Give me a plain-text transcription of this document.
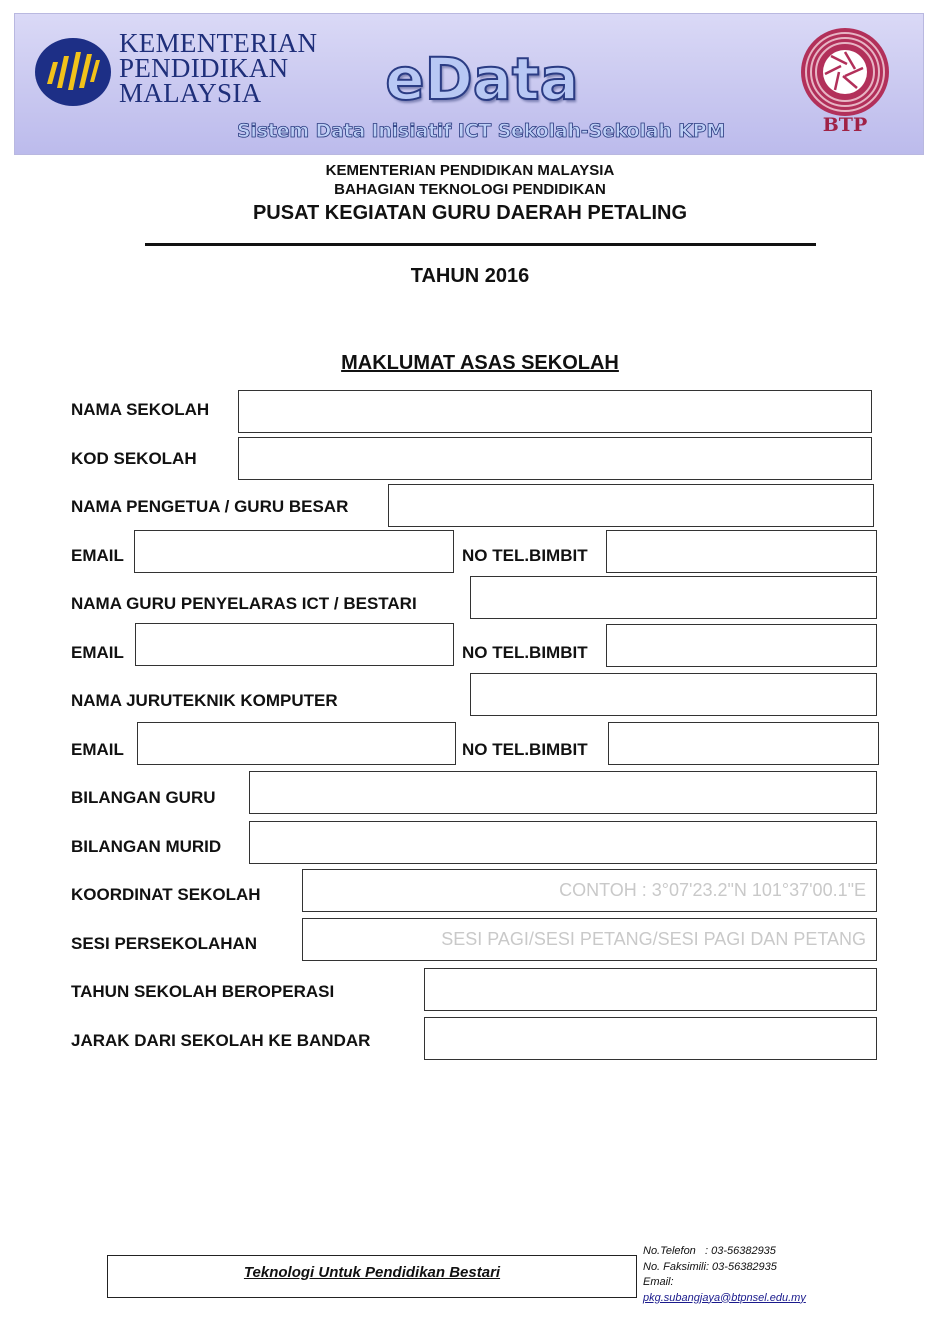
KEMENTERIAN
PENDIDIKAN
MALAYSIA	eData
Sistem Data Inisiatif ICT Sekolah-Sekolah KPM	BTP
KEMENTERIAN PENDIDIKAN MALAYSIA
BAHAGIAN TEKNOLOGI PENDIDIKAN
PUSAT KEGIATAN GURU DAERAH PETALING
TAHUN 2016
MAKLUMAT ASAS SEKOLAH
NAMA SEKOLAH
KOD SEKOLAH
NAMA PENGETUA / GURU BESAR
EMAIL	NO TEL.BIMBIT
NAMA GURU PENYELARAS ICT / BESTARI
EMAIL	NO TEL.BIMBIT
NAMA JURUTEKNIK KOMPUTER
EMAIL	NO TEL.BIMBIT
BILANGAN GURU
BILANGAN MURID
KOORDINAT SEKOLAH
CONTOH : 3°07'23.2"N 101°37'00.1"E
SESI PERSEKOLAHAN
SESI PAGI/SESI PETANG/SESI PAGI DAN PETANG
TAHUN SEKOLAH BEROPERASI
JARAK DARI SEKOLAH KE BANDAR
Teknologi Untuk Pendidikan Bestari
No.Telefon   : 03-56382935
No. Faksimili: 03-56382935
Email:
pkg.subangjaya@btpnsel.edu.my
